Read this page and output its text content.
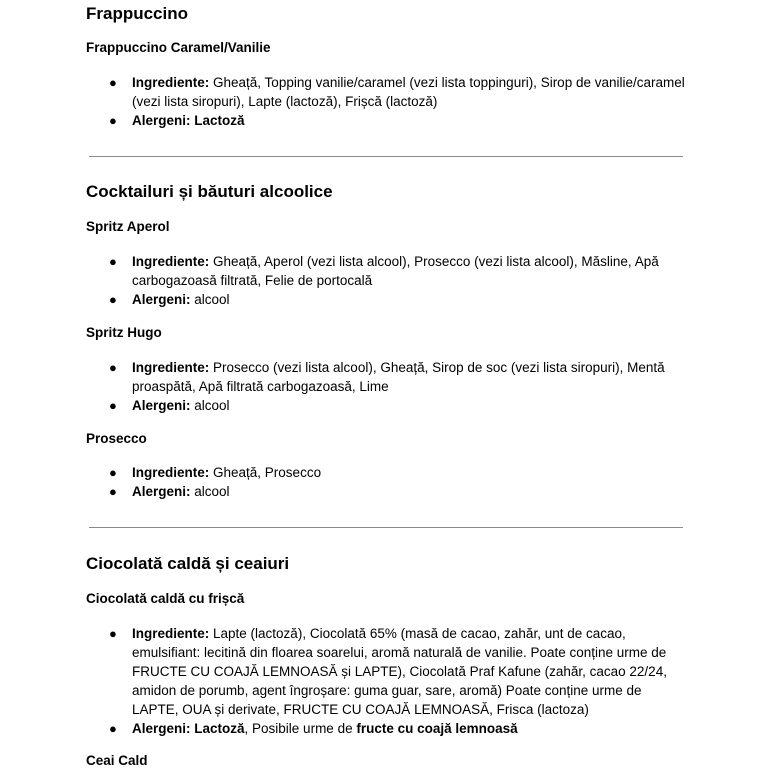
Frappuccino
Frappuccino Caramel/Vanilie
● Ingrediente: Gheață, Topping vanilie/caramel (vezi lista toppinguri), Sirop de vanilie/caramel (vezi lista siropuri), Lapte (lactoză), Frișcă (lactoză)
● Alergeni: Lactoză
Cocktailuri și băuturi alcoolice
Spritz Aperol
● Ingrediente: Gheață, Aperol (vezi lista alcool), Prosecco (vezi lista alcool), Măsline, Apă carbogazoasă filtrată, Felie de portocală
● Alergeni: alcool
Spritz Hugo
● Ingrediente: Prosecco (vezi lista alcool), Gheață, Sirop de soc (vezi lista siropuri), Mentă proaspătă, Apă filtrată carbogazoasă, Lime
● Alergeni: alcool
Prosecco
● Ingrediente: Gheață, Prosecco
● Alergeni: alcool
Ciocolată caldă și ceaiuri
Ciocolată caldă cu frișcă
● Ingrediente: Lapte (lactoză), Ciocolată 65% (masă de cacao, zahăr, unt de cacao, emulsifiant: lecitină din floarea soarelui, aromă naturală de vanilie. Poate conține urme de FRUCTE CU COAJĂ LEMNOASĂ și LAPTE), Ciocolată Praf Kafune (zahăr, cacao 22/24, amidon de porumb, agent îngroșare: guma guar, sare, aromă) Poate conține urme de LAPTE, OUA și derivate, FRUCTE CU COAJĂ LEMNOASĂ, Frisca (lactoza)
● Alergeni: Lactoză, Posibile urme de fructe cu coajă lemnoasă
Ceai Cald
